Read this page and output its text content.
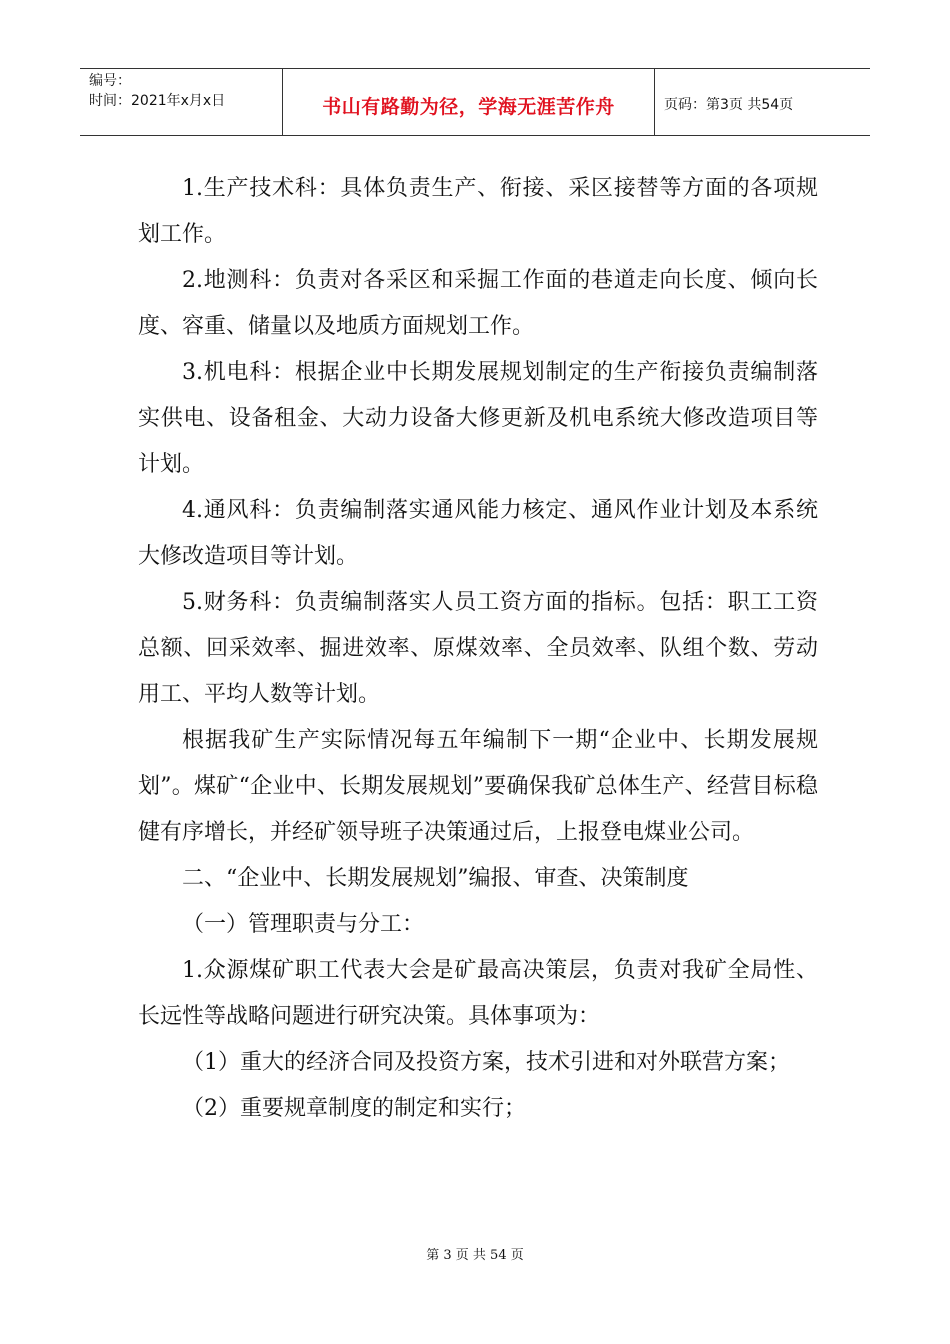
编号：
时间：2021年x月x日	书山有路勤为径，学海无涯苦作舟	页码：第3页 共54页

1.生产技术科：具体负责生产、衔接、采区接替等方面的各项规划工作。

2.地测科：负责对各采区和采掘工作面的巷道走向长度、倾向长度、容重、储量以及地质方面规划工作。

3.机电科：根据企业中长期发展规划制定的生产衔接负责编制落实供电、设备租金、大动力设备大修更新及机电系统大修改造项目等计划。

4.通风科：负责编制落实通风能力核定、通风作业计划及本系统大修改造项目等计划。

5.财务科：负责编制落实人员工资方面的指标。包括：职工工资总额、回采效率、掘进效率、原煤效率、全员效率、队组个数、劳动用工、平均人数等计划。

根据我矿生产实际情况每五年编制下一期“企业中、长期发展规划”。煤矿“企业中、长期发展规划”要确保我矿总体生产、经营目标稳健有序增长，并经矿领导班子决策通过后，上报登电煤业公司。

二、“企业中、长期发展规划”编报、审查、决策制度

（一）管理职责与分工：

1.众源煤矿职工代表大会是矿最高决策层，负责对我矿全局性、长远性等战略问题进行研究决策。具体事项为：

（1）重大的经济合同及投资方案，技术引进和对外联营方案；

（2）重要规章制度的制定和实行；

第 3 页 共 54 页
